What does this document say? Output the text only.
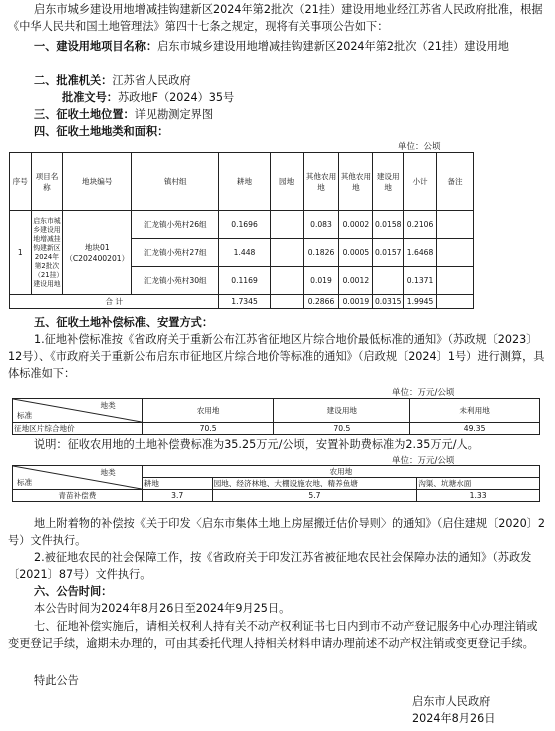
启东市城乡建设用地增减挂钩建新区2024年第2批次（21挂）建设用地业经江苏省人民政府批准，根据《中华人民共和国土地管理法》第四十七条之规定，现将有关事项公告如下：

一、建设用地项目名称：启东市城乡建设用地增减挂钩建新区2024年第2批次（21挂）建设用地

二、批准机关：江苏省人民政府

批准文号：苏政地F（2024）35号

三、征收土地位置：详见勘测定界图

四、征收土地地类和面积：

单位：公顷
序号	项目名称	地块编号	镇村组	耕地	园地	其他农用地	其他农用地	建设用地	小计	备注
1	启东市城乡建设用地增减挂钩建新区2024年第2批次（21挂）建设用地	地块01（C202400201）	汇龙镇小苑村26组	0.1696		0.083	0.0002	0.0158	0.2106	
			汇龙镇小苑村27组	1.448		0.1826	0.0005	0.0157	1.6468	
			汇龙镇小苑村30组	0.1169		0.019	0.0012		0.1371	
合 计				1.7345		0.2866	0.0019	0.0315	1.9945	

五、征收土地补偿标准、安置方式：

1.征地补偿标准按《省政府关于重新公布江苏省征地区片综合地价最低标准的通知》（苏政规〔2023〕12号）、《市政府关于重新公布启东市征地区片综合地价等标准的通知》（启政规〔2024〕1号）进行测算，具体标准如下：

单位：万元/公顷
地类
标准	农用地	建设用地	未利用地
征地区片综合地价	70.5	70.5	49.35

说明：征收农用地的土地补偿费标准为35.25万元/公顷，安置补助费标准为2.35万元/人。

单位：万元/公顷
地类
标准	农用地		
	耕地	园地、经济林地、大棚设施农地、精养鱼塘	沟渠、坑塘水面
青苗补偿费	3.7	5.7	1.33

地上附着物的补偿按《关于印发〈启东市集体土地上房屋搬迁估价导则〉的通知》（启住建规〔2020〕2号）文件执行。

2.被征地农民的社会保障工作，按《省政府关于印发江苏省被征地农民社会保障办法的通知》（苏政发〔2021〕87号）文件执行。

六、公告时间：

本公告时间为2024年8月26日至2024年9月25日。

七、征地补偿实施后，请相关权利人持有关不动产权利证书七日内到市不动产登记服务中心办理注销或变更登记手续，逾期未办理的，可由其委托代理人持相关材料申请办理前述不动产权注销或变更登记手续。

特此公告

启东市人民政府
2024年8月26日
